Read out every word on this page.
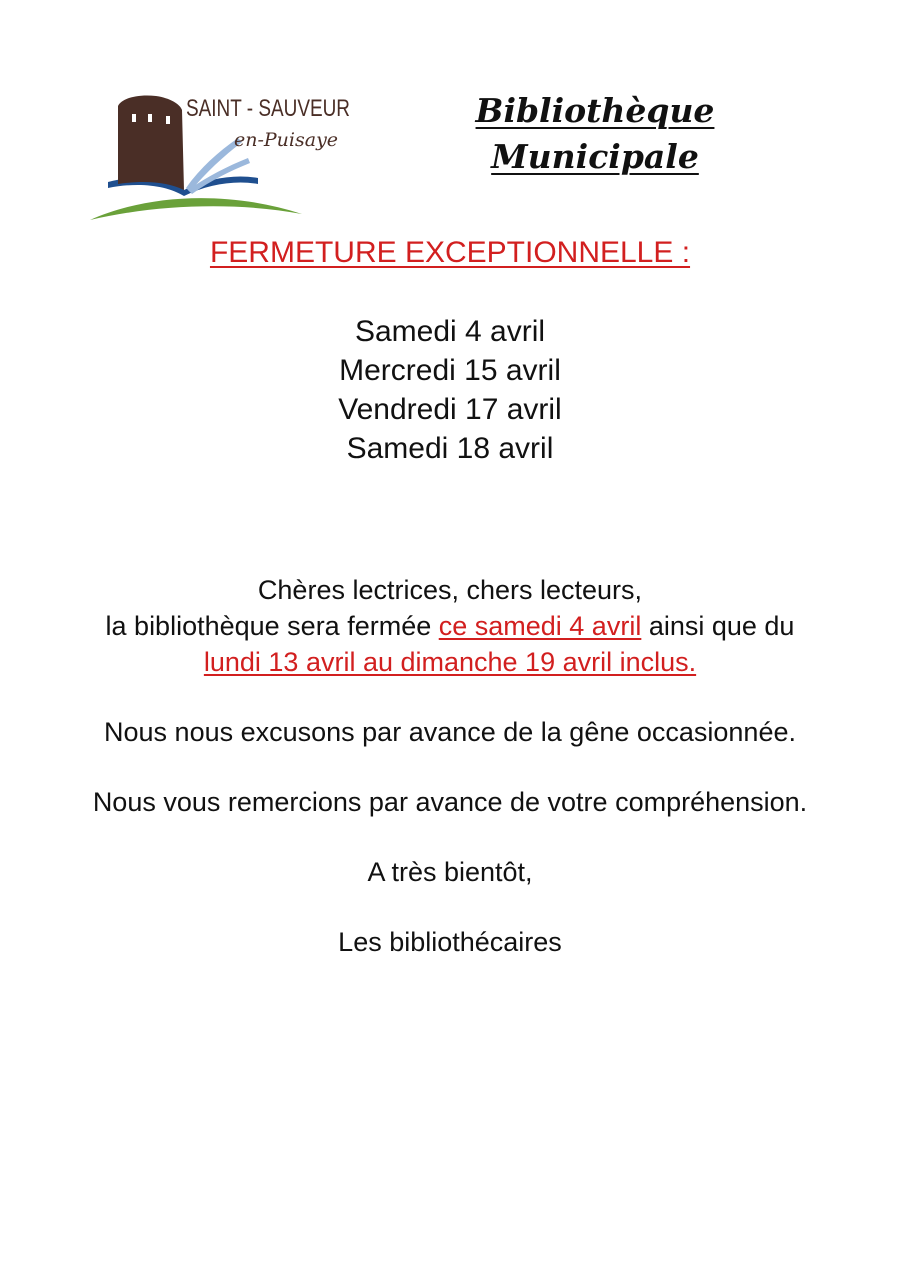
SAINT - SAUVEUR
en-Puisaye
Bibliothèque
Municipale
FERMETURE EXCEPTIONNELLE :
Samedi 4 avril
Mercredi 15 avril
Vendredi 17 avril
Samedi 18 avril

Chères lectrices, chers lecteurs,

la bibliothèque sera fermée ce samedi 4 avril ainsi que du

lundi 13 avril au dimanche 19 avril inclus.

Nous nous excusons par avance de la gêne occasionnée.

Nous vous remercions par avance de votre compréhension.

A très bientôt,

Les bibliothécaires
